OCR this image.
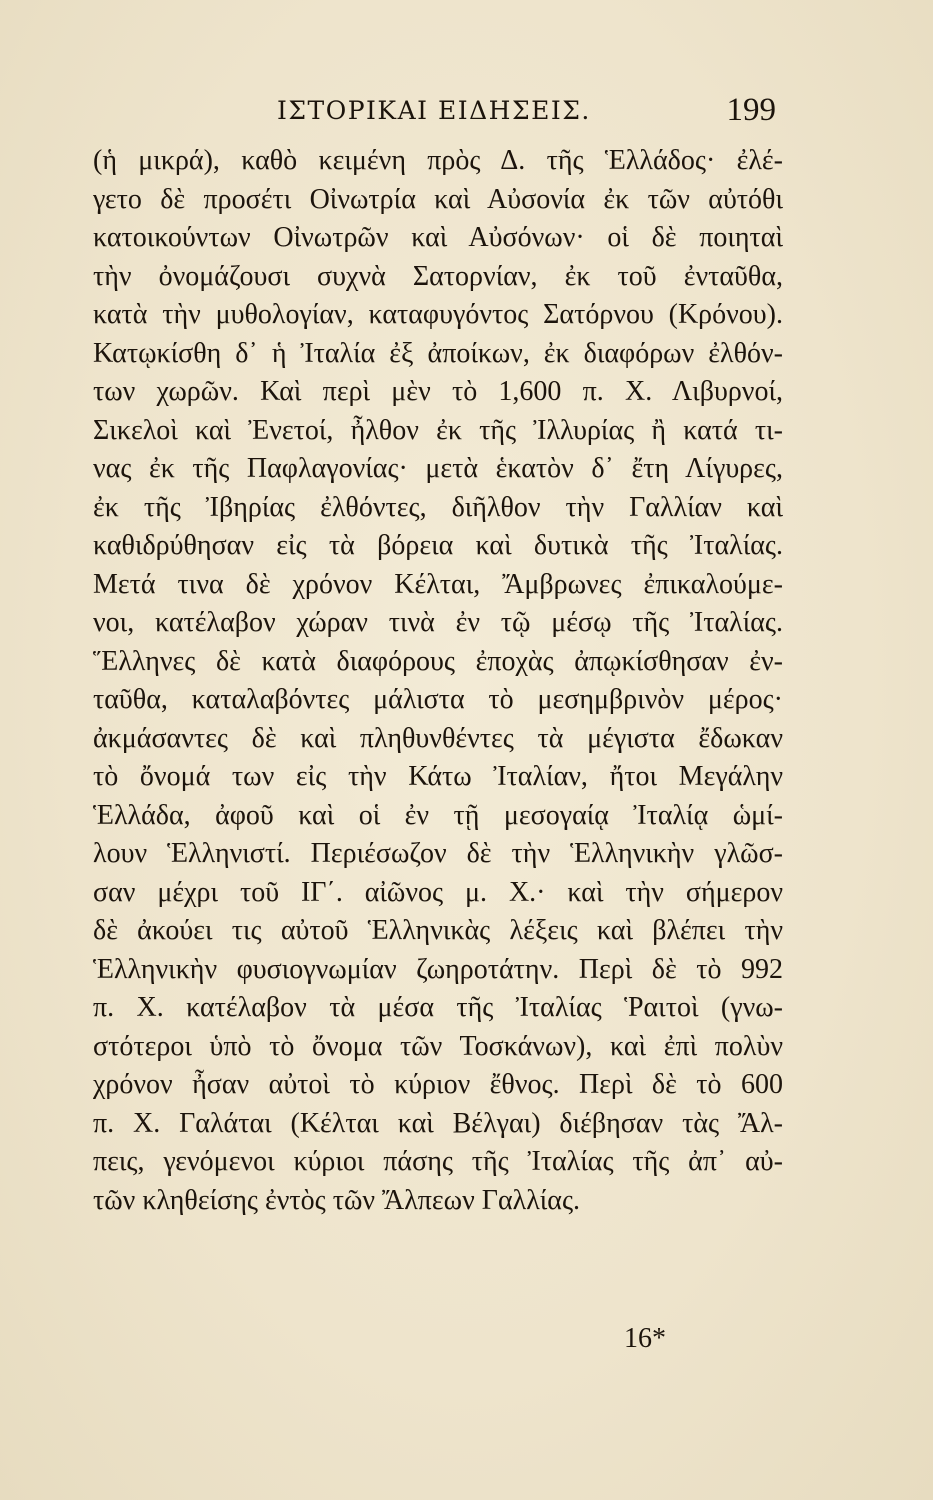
ΙΣΤΟΡΙΚΑΙ ΕΙΔΗΣΕΙΣ.	199
(ἡ μικρά), καθὸ κειμένη πρὸς Δ. τῆς Ἑλλάδος· ἐλέ-
γετο δὲ προσέτι Οἰνωτρία καὶ Αὐσονία ἐκ τῶν αὐτόθι
κατοικούντων Οἰνωτρῶν καὶ Αὐσόνων· οἱ δὲ ποιηταὶ
τὴν ὀνομάζουσι συχνὰ Σατορνίαν, ἐκ τοῦ ἐνταῦθα,
κατὰ τὴν μυθολογίαν, καταφυγόντος Σατόρνου (Κρόνου).
Κατῳκίσθη δ᾽ ἡ Ἰταλία ἐξ ἀποίκων, ἐκ διαφόρων ἐλθόν-
των χωρῶν. Καὶ περὶ μὲν τὸ 1,600 π. Χ. Λιβυρνοί,
Σικελοὶ καὶ Ἐνετοί, ἦλθον ἐκ τῆς Ἰλλυρίας ἢ κατά τι-
νας ἐκ τῆς Παφλαγονίας· μετὰ ἑκατὸν δ᾽ ἔτη Λίγυρες,
ἐκ τῆς Ἰβηρίας ἐλθόντες, διῆλθον τὴν Γαλλίαν καὶ
καθιδρύθησαν εἰς τὰ βόρεια καὶ δυτικὰ τῆς Ἰταλίας.
Μετά τινα δὲ χρόνον Κέλται, Ἄμβρωνες ἐπικαλούμε-
νοι, κατέλαβον χώραν τινὰ ἐν τῷ μέσῳ τῆς Ἰταλίας.
Ἕλληνες δὲ κατὰ διαφόρους ἐποχὰς ἀπῳκίσθησαν ἐν-
ταῦθα, καταλαβόντες μάλιστα τὸ μεσημβρινὸν μέρος·
ἀκμάσαντες δὲ καὶ πληθυνθέντες τὰ μέγιστα ἔδωκαν
τὸ ὄνομά των εἰς τὴν Κάτω Ἰταλίαν, ἤτοι Μεγάλην
Ἑλλάδα, ἀφοῦ καὶ οἱ ἐν τῇ μεσογαίᾳ Ἰταλίᾳ ὡμί-
λουν Ἑλληνιστί. Περιέσωζον δὲ τὴν Ἑλληνικὴν γλῶσ-
σαν μέχρι τοῦ ΙΓ΄. αἰῶνος μ. Χ.· καὶ τὴν σήμερον
δὲ ἀκούει τις αὐτοῦ Ἑλληνικὰς λέξεις καὶ βλέπει τὴν
Ἑλληνικὴν φυσιογνωμίαν ζωηροτάτην. Περὶ δὲ τὸ 992
π. Χ. κατέλαβον τὰ μέσα τῆς Ἰταλίας Ῥαιτοὶ (γνω-
στότεροι ὑπὸ τὸ ὄνομα τῶν Τοσκάνων), καὶ ἐπὶ πολὺν
χρόνον ἦσαν αὐτοὶ τὸ κύριον ἔθνος. Περὶ δὲ τὸ 600
π. Χ. Γαλάται (Κέλται καὶ Βέλγαι) διέβησαν τὰς Ἄλ-
πεις, γενόμενοι κύριοι πάσης τῆς Ἰταλίας τῆς ἀπ᾽ αὐ-
τῶν κληθείσης ἐντὸς τῶν Ἄλπεων Γαλλίας.
16*
